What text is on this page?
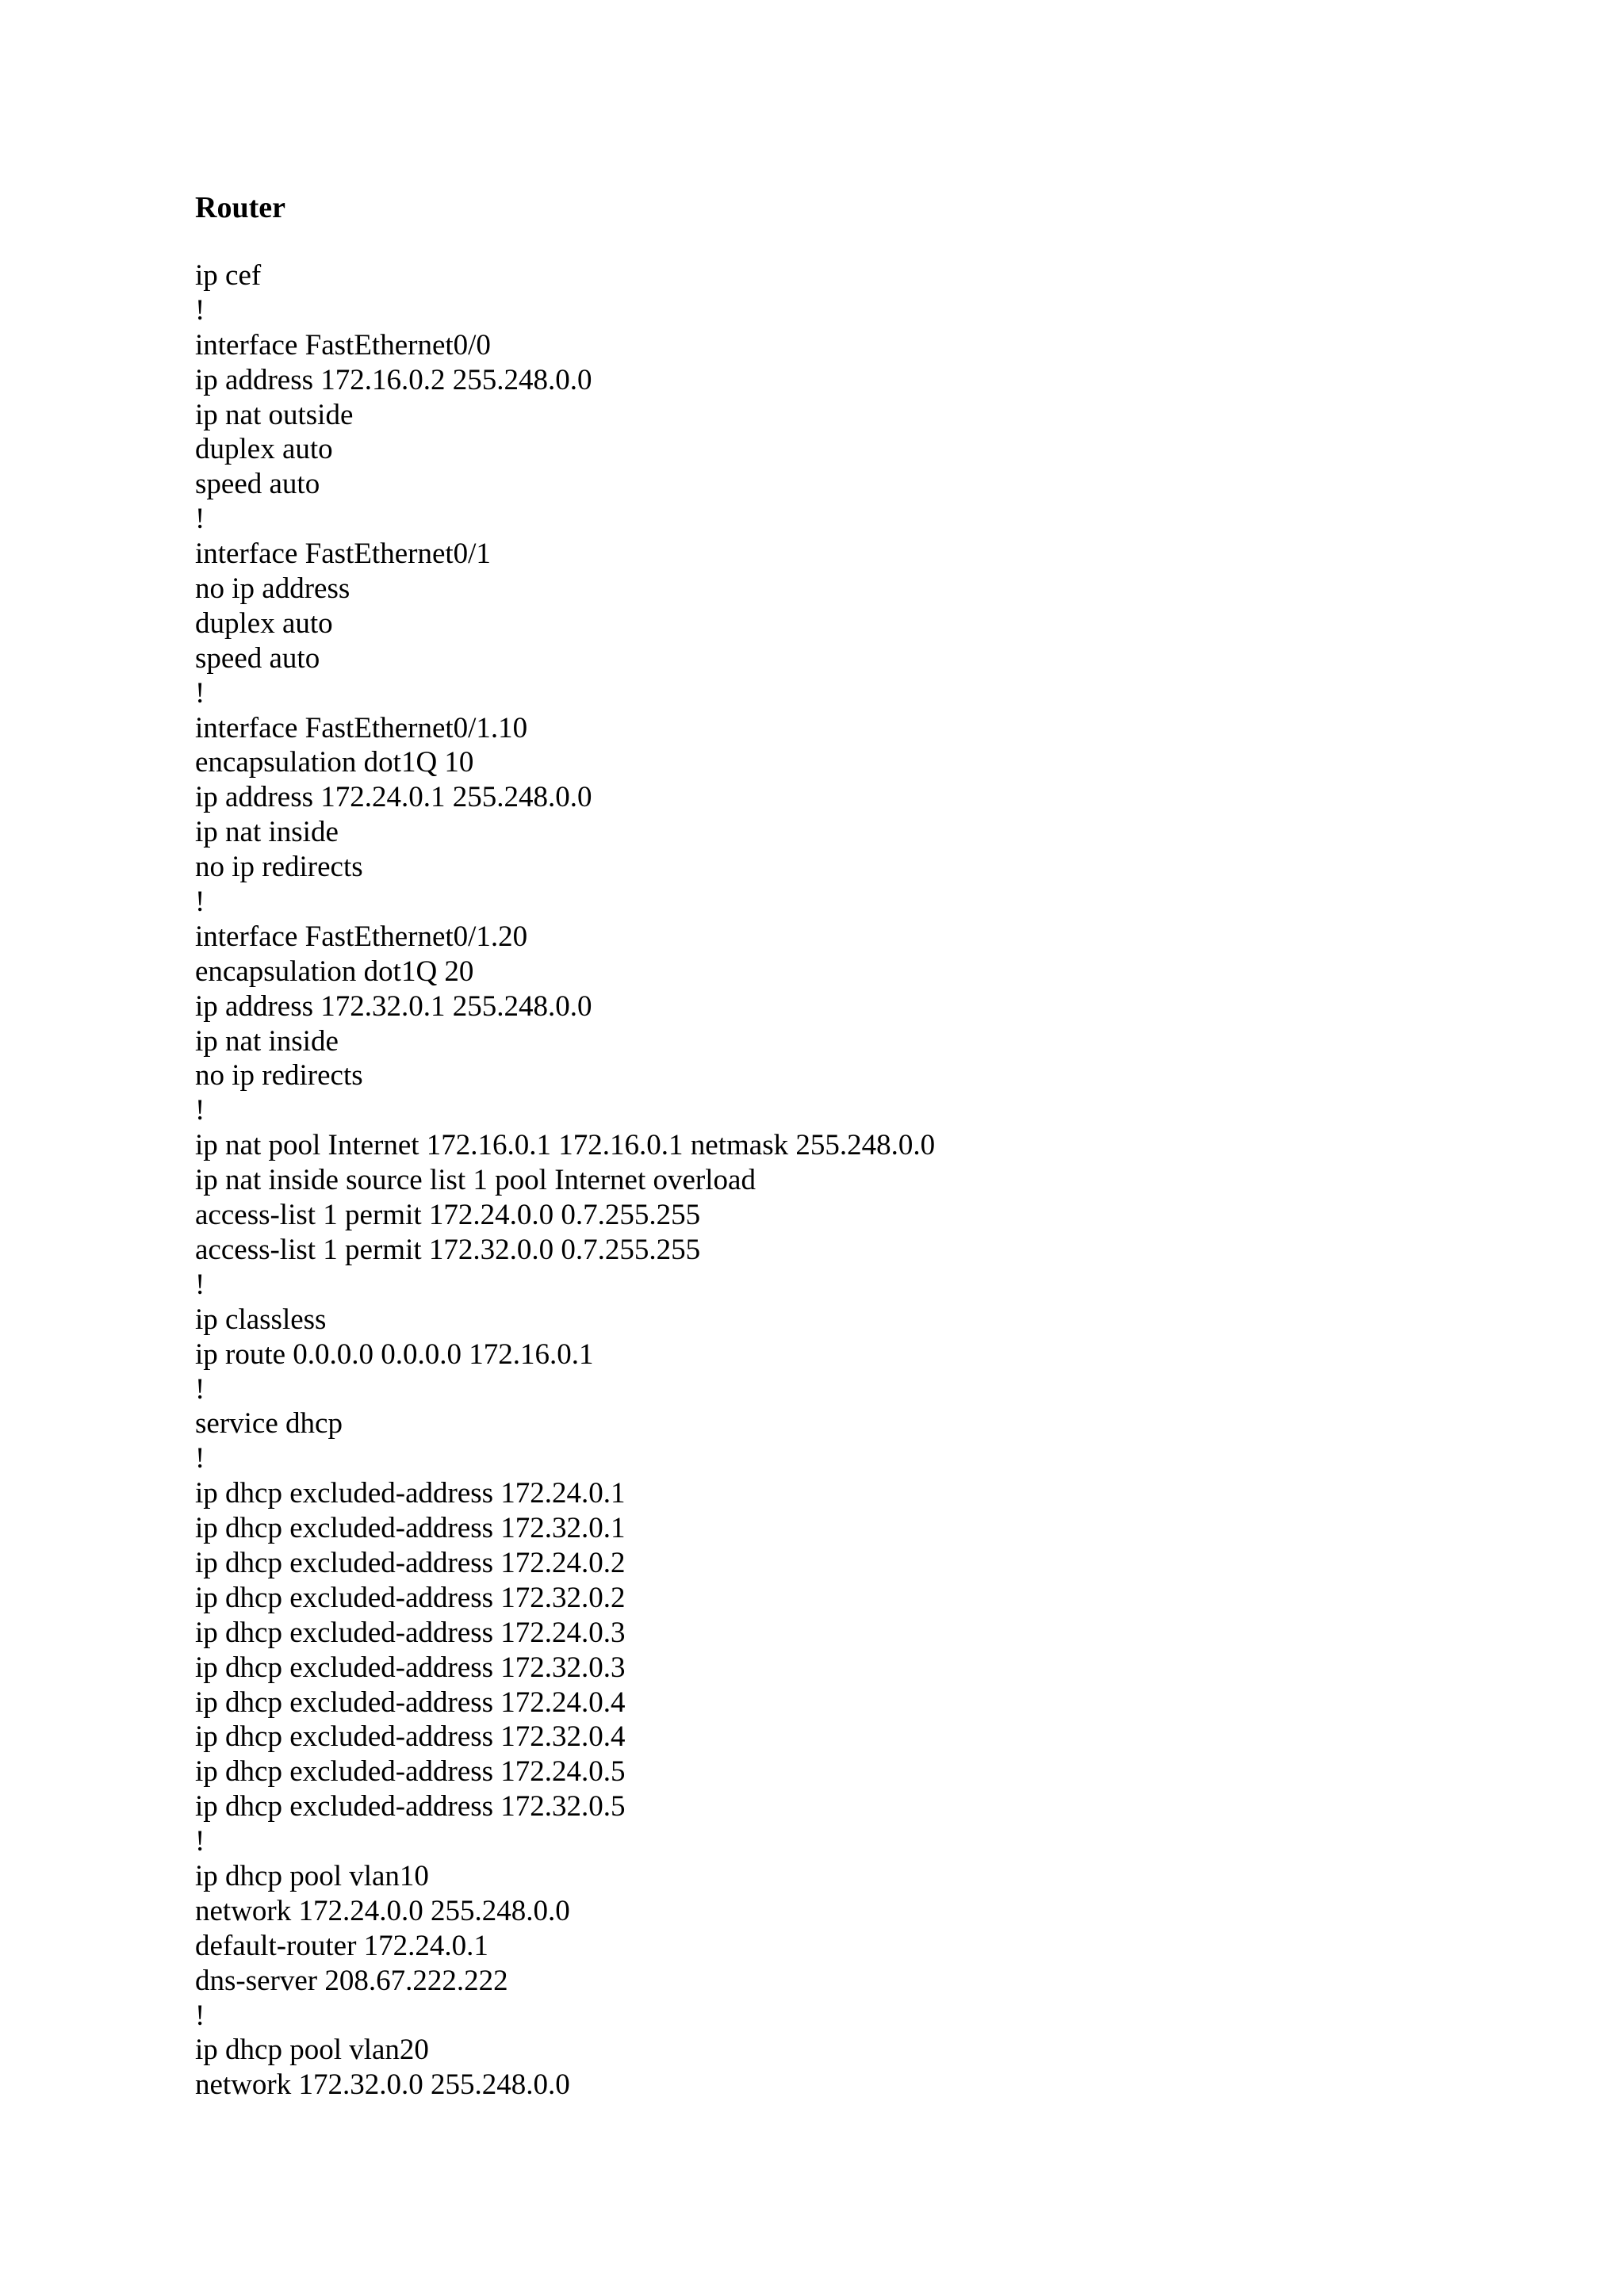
Router
ip cef
!
interface FastEthernet0/0
ip address 172.16.0.2 255.248.0.0
ip nat outside
duplex auto
speed auto
!
interface FastEthernet0/1
no ip address
duplex auto
speed auto
!
interface FastEthernet0/1.10
encapsulation dot1Q 10
ip address 172.24.0.1 255.248.0.0
ip nat inside
no ip redirects
!
interface FastEthernet0/1.20
encapsulation dot1Q 20
ip address 172.32.0.1 255.248.0.0
ip nat inside
no ip redirects
!
ip nat pool Internet 172.16.0.1 172.16.0.1 netmask 255.248.0.0
ip nat inside source list 1 pool Internet overload
access-list 1 permit 172.24.0.0 0.7.255.255
access-list 1 permit 172.32.0.0 0.7.255.255
!
ip classless
ip route 0.0.0.0 0.0.0.0 172.16.0.1
!
service dhcp
!
ip dhcp excluded-address 172.24.0.1
ip dhcp excluded-address 172.32.0.1
ip dhcp excluded-address 172.24.0.2
ip dhcp excluded-address 172.32.0.2
ip dhcp excluded-address 172.24.0.3
ip dhcp excluded-address 172.32.0.3
ip dhcp excluded-address 172.24.0.4
ip dhcp excluded-address 172.32.0.4
ip dhcp excluded-address 172.24.0.5
ip dhcp excluded-address 172.32.0.5
!
ip dhcp pool vlan10
network 172.24.0.0 255.248.0.0
default-router 172.24.0.1
dns-server 208.67.222.222
!
ip dhcp pool vlan20
network 172.32.0.0 255.248.0.0
